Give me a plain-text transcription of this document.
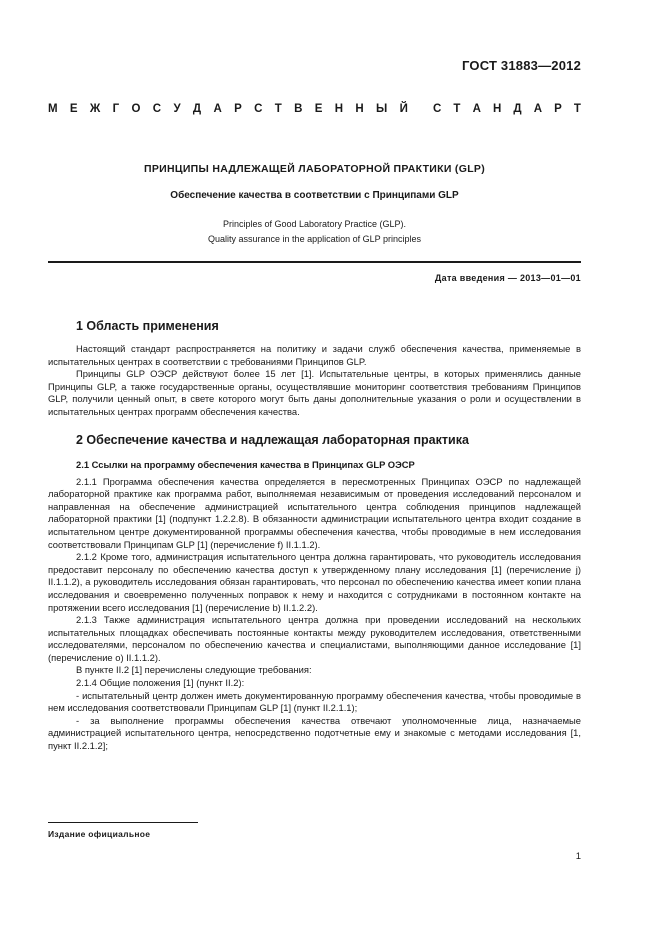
ГОСТ 31883—2012
М Е Ж Г О С У Д А Р С Т В Е Н Н Ы Й С Т А Н Д А Р Т
ПРИНЦИПЫ НАДЛЕЖАЩЕЙ ЛАБОРАТОРНОЙ ПРАКТИКИ (GLP)
Обеспечение качества в соответствии с Принципами GLP
Principles of Good Laboratory Practice (GLP).
Quality assurance in the application of GLP principles
Дата введения — 2013—01—01
1 Область применения

Настоящий стандарт распространяется на политику и задачи служб обеспечения качества, применяемые в испытательных центрах в соответствии с требованиями Принципов GLP.

Принципы GLP ОЭСР действуют более 15 лет [1]. Испытательные центры, в которых применялись данные Принципы GLP, а также государственные органы, осуществлявшие мониторинг соответствия требованиям Принципов GLP, получили ценный опыт, в свете которого могут быть даны дополнительные указания о роли и осуществлении в испытательных центрах программ обеспечения качества.

2 Обеспечение качества и надлежащая лабораторная практика
2.1 Ссылки на программу обеспечения качества в Принципах GLP ОЭСР

2.1.1 Программа обеспечения качества определяется в пересмотренных Принципах ОЭСР по надлежащей лабораторной практике как программа работ, выполняемая независимым от проведения исследований персоналом и направленная на обеспечение администрацией испытательного центра соблюдения принципов надлежащей лабораторной практики [1] (подпункт 1.2.2.8). В обязанности администрации испытательного центра входит создание в испытательном центре документированной программы обеспечения качества, чтобы проводимые в нем исследования соответствовали Принципам GLP [1] (перечисление f) II.1.1.2).

2.1.2 Кроме того, администрация испытательного центра должна гарантировать, что руководитель исследования предоставит персоналу по обеспечению качества доступ к утвержденному плану исследования [1] (перечисление j) II.1.1.2), а руководитель исследования обязан гарантировать, что персонал по обеспечению качества имеет копии плана исследования и своевременно полученных поправок к нему и находится с сотрудниками в постоянном контакте на протяжении всего исследования [1] (перечисление b) II.1.2.2).

2.1.3 Также администрация испытательного центра должна при проведении исследований на нескольких испытательных площадках обеспечивать постоянные контакты между руководителем исследования, ответственными исследователями, персоналом по обеспечению качества и специалистами, выполняющими данное исследование [1] (перечисление о) II.1.1.2).

В пункте II.2 [1] перечислены следующие требования:

2.1.4 Общие положения [1] (пункт II.2):

- испытательный центр должен иметь документированную программу обеспечения качества, чтобы проводимые в нем исследования соответствовали Принципам GLP [1] (пункт II.2.1.1);

- за выполнение программы обеспечения качества отвечают уполномоченные лица, назначаемые администрацией испытательного центра, непосредственно подотчетные ему и знакомые с методами исследования [1, пункт II.2.1.2];

Издание официальное
1
